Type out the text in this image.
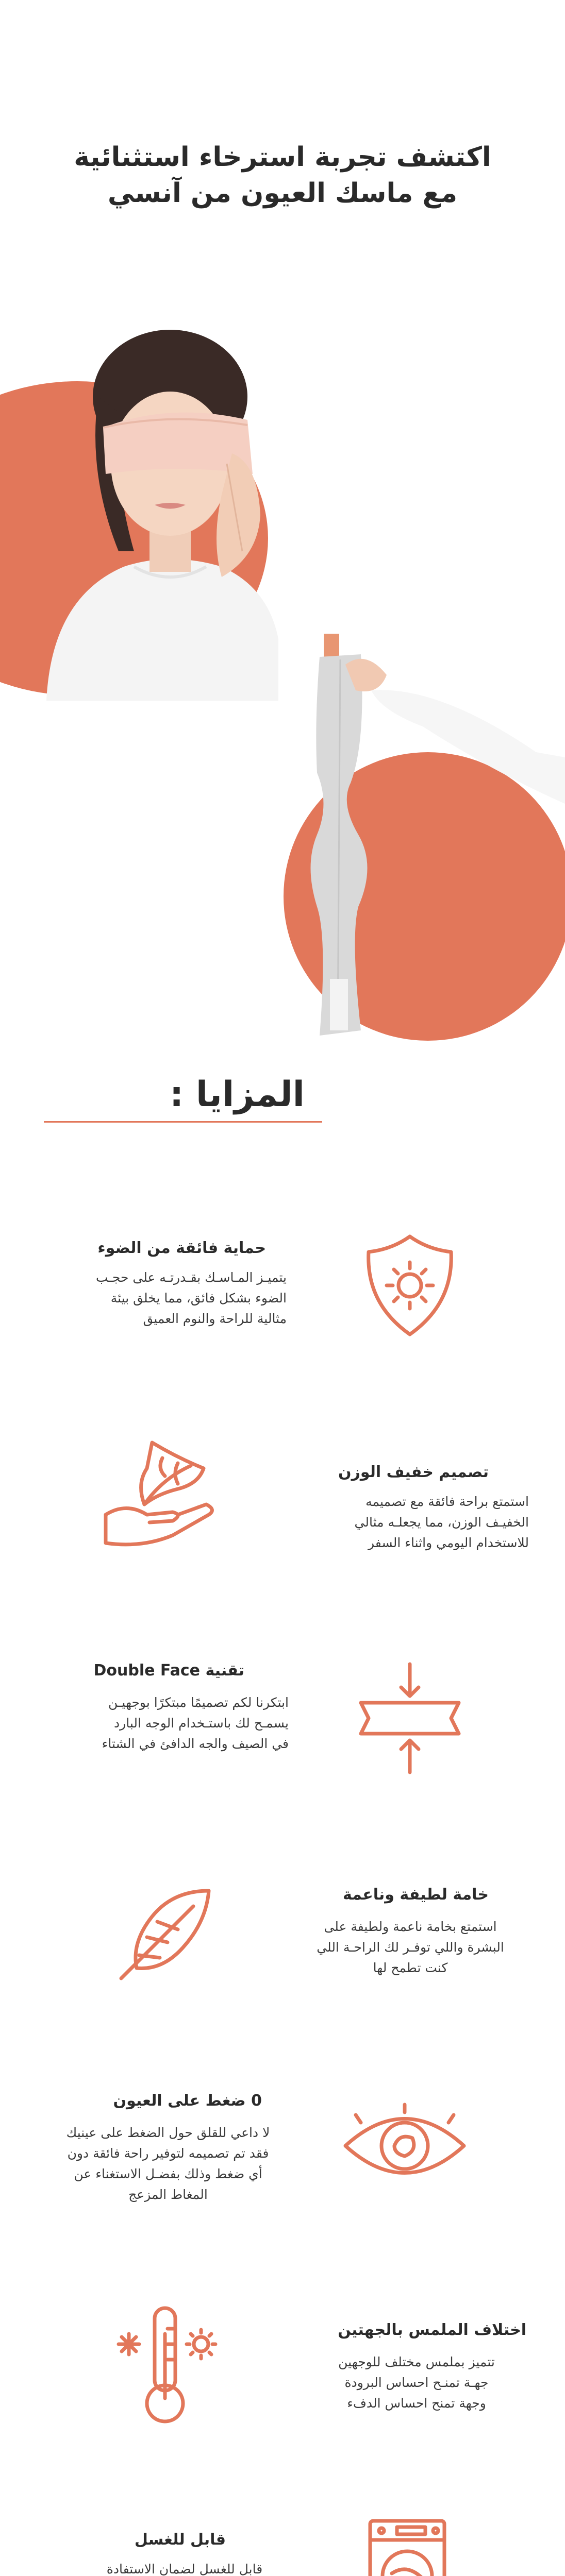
اكتشف تجربة استرخاء استثنائية
مع ماسك العيون من آنسي
المزايا :
حماية فائقة من الضوء
يتميـز المـاسـك بقـدرتـه على حجـب
الضوء بشكل فائق، مما يخلق بيئة
مثالية للراحة والنوم العميق
تصميم خفيف الوزن
استمتع براحة فائقة مع تصميمه
الخفيـف الوزن، مما يجعلـه مثالي
للاستخدام اليومي واثناء السفر
تقنية Double Face
ابتكرنا لكم تصميمًا مبتكرًا بوجهيـن
يسمـح لك باستـخدام الوجه البارد
في الصيف والجه الدافئ في الشتاء
خامة لطيفة وناعمة
استمتع بخامة ناعمة ولطيفة على
البشرة واللي توفـر لك الراحـة اللي
كنت تطمح لها
0 ضغط على العيون
لا داعي للقلق حول الضغط على عينيك
فقد تم تصميمه لتوفير راحة فائقة دون
أي ضغط وذلك بفضـل الاستغناء عن
المغاط المزعج
اختلاف الملمس بالجهتين
تتميز بملمس مختلف للوجهين
جهـة تمنـح احساس البرودة
وجهة تمنح احساس الدفء
قابل للغسل
قابل للغسل لضمان الاستفادة
